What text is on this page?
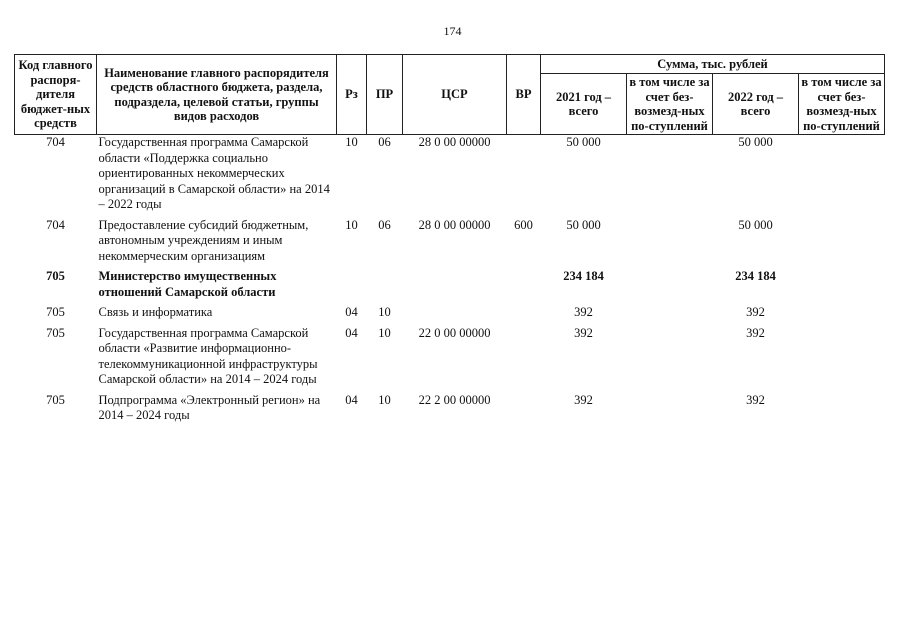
174
Код главного распоря-дителя бюджет-ных средств	Наименование главного распорядителя средств областного бюджета, раздела, подраздела, целевой статьи, группы видов расходов	Рз	ПР	ЦСР	ВР	Сумма, тыс. рублей			
						2021 год – всего	в том числе за счет без-возмезд-ных по-ступлений	2022 год – всего	в том числе за счет без-возмезд-ных по-ступлений
704	Государственная программа Самарской области «Поддержка социально ориентированных некоммерческих организаций в Самарской области» на 2014 – 2022 годы	10	06	28 0 00 00000		50 000		50 000	
704	Предоставление субсидий бюджетным, автономным учреждениям и иным некоммерческим организациям	10	06	28 0 00 00000	600	50 000		50 000	
705	Министерство имущественных отношений Самарской области					234 184		234 184	
705	Связь и информатика	04	10			392		392	
705	Государственная программа Самарской области «Развитие информационно-телекоммуникационной инфраструктуры Самарской области» на 2014 – 2024 годы	04	10	22 0 00 00000		392		392	
705	Подпрограмма «Электронный регион» на 2014 – 2024 годы	04	10	22 2 00 00000		392		392	
